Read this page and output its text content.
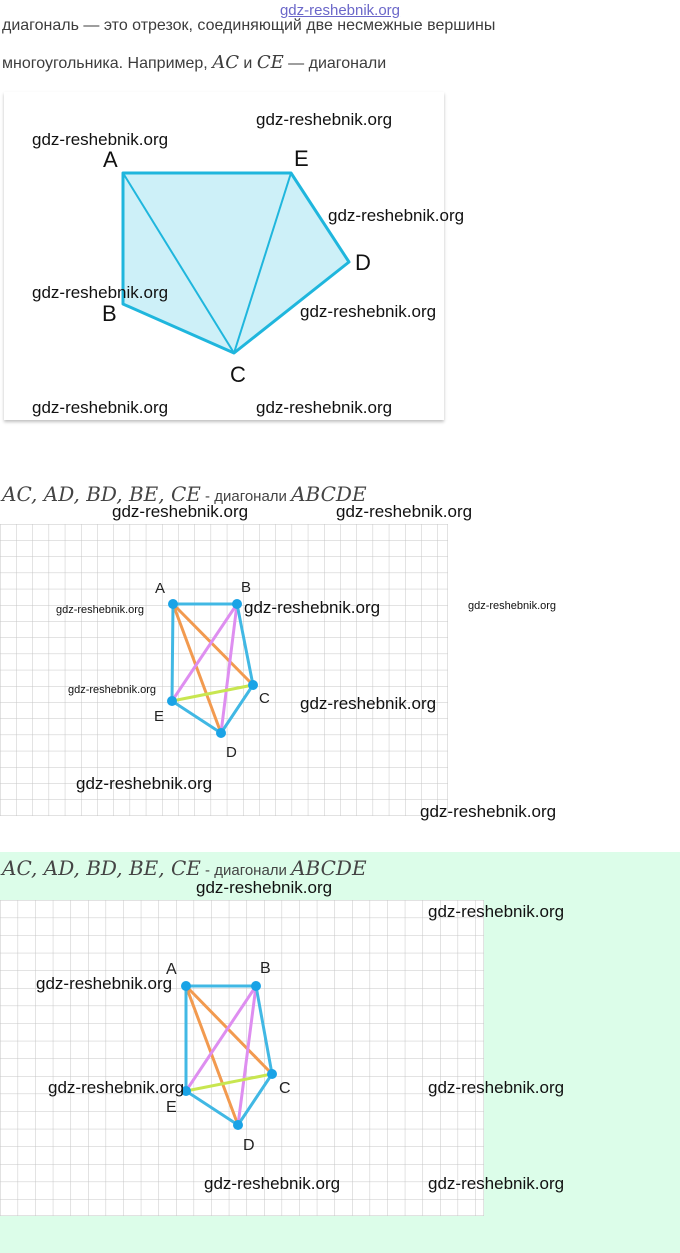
gdz-reshebnik.org
диагональ — это отрезок, соединяющий две несмежные вершины
многоугольника. Например, AC и CE — диагонали
A	E
D
B
C
gdz-reshebnik.org
gdz-reshebnik.org
gdz-reshebnik.org
gdz-reshebnik.org
gdz-reshebnik.org
gdz-reshebnik.org	gdz-reshebnik.org
AC, AD, BD, BE, CE - диагонали ABCDE
A	B
C
D
E
gdz-reshebnik.org	gdz-reshebnik.org
gdz-reshebnik.org	gdz-reshebnik.org	gdz-reshebnik.org
gdz-reshebnik.org
gdz-reshebnik.org
gdz-reshebnik.org
gdz-reshebnik.org
AC, AD, BD, BE, CE - диагонали ABCDE
A	B
C
D
E
gdz-reshebnik.org
gdz-reshebnik.org
gdz-reshebnik.org
gdz-reshebnik.org	gdz-reshebnik.org
gdz-reshebnik.org	gdz-reshebnik.org
